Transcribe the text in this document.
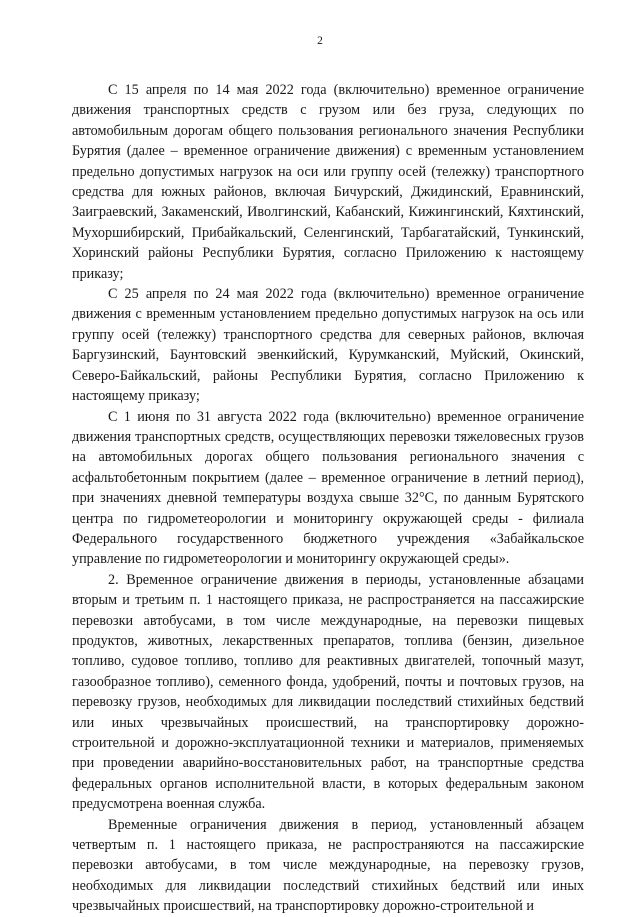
2

С 15 апреля по 14 мая 2022 года (включительно) временное ограничение движения транспортных средств с грузом или без груза, следующих по автомобильным дорогам общего пользования регионального значения Республики Бурятия (далее – временное ограничение движения) с временным установлением предельно допустимых нагрузок на оси или группу осей (тележку) транспортного средства для южных районов, включая Бичурский, Джидинский, Еравнинский, Заиграевский, Закаменский, Иволгинский, Кабанский, Кижингинский, Кяхтинский, Мухоршибирский, Прибайкальский, Селенгинский, Тарбагатайский, Тункинский, Хоринский районы Республики Бурятия, согласно Приложению к настоящему приказу;

С 25 апреля по 24 мая 2022 года (включительно) временное ограничение движения с временным установлением предельно допустимых нагрузок на ось или группу осей (тележку) транспортного средства для северных районов, включая Баргузинский, Баунтовский эвенкийский, Курумканский, Муйский, Окинский, Северо-Байкальский, районы Республики Бурятия, согласно Приложению к настоящему приказу;

С 1 июня по 31 августа 2022 года (включительно) временное ограничение движения транспортных средств, осуществляющих перевозки тяжеловесных грузов на автомобильных дорогах общего пользования регионального значения с асфальтобетонным покрытием (далее – временное ограничение в летний период), при значениях дневной температуры воздуха свыше 32°С, по данным Бурятского центра по гидрометеорологии и мониторингу окружающей среды - филиала Федерального государственного бюджетного учреждения «Забайкальское управление по гидрометеорологии и мониторингу окружающей среды».

2. Временное ограничение движения в периоды, установленные абзацами вторым и третьим п. 1 настоящего приказа, не распространяется на пассажирские перевозки автобусами, в том числе международные, на перевозки пищевых продуктов, животных, лекарственных препаратов, топлива (бензин, дизельное топливо, судовое топливо, топливо для реактивных двигателей, топочный мазут, газообразное топливо), семенного фонда, удобрений, почты и почтовых грузов, на перевозку грузов, необходимых для ликвидации последствий стихийных бедствий или иных чрезвычайных происшествий, на транспортировку дорожно-строительной и дорожно-эксплуатационной техники и материалов, применяемых при проведении аварийно-восстановительных работ, на транспортные средства федеральных органов исполнительной власти, в которых федеральным законом предусмотрена военная служба.

Временные ограничения движения в период, установленный абзацем четвертым п. 1 настоящего приказа, не распространяются на пассажирские перевозки автобусами, в том числе международные, на перевозку грузов, необходимых для ликвидации последствий стихийных бедствий или иных чрезвычайных происшествий, на транспортировку дорожно-строительной и
